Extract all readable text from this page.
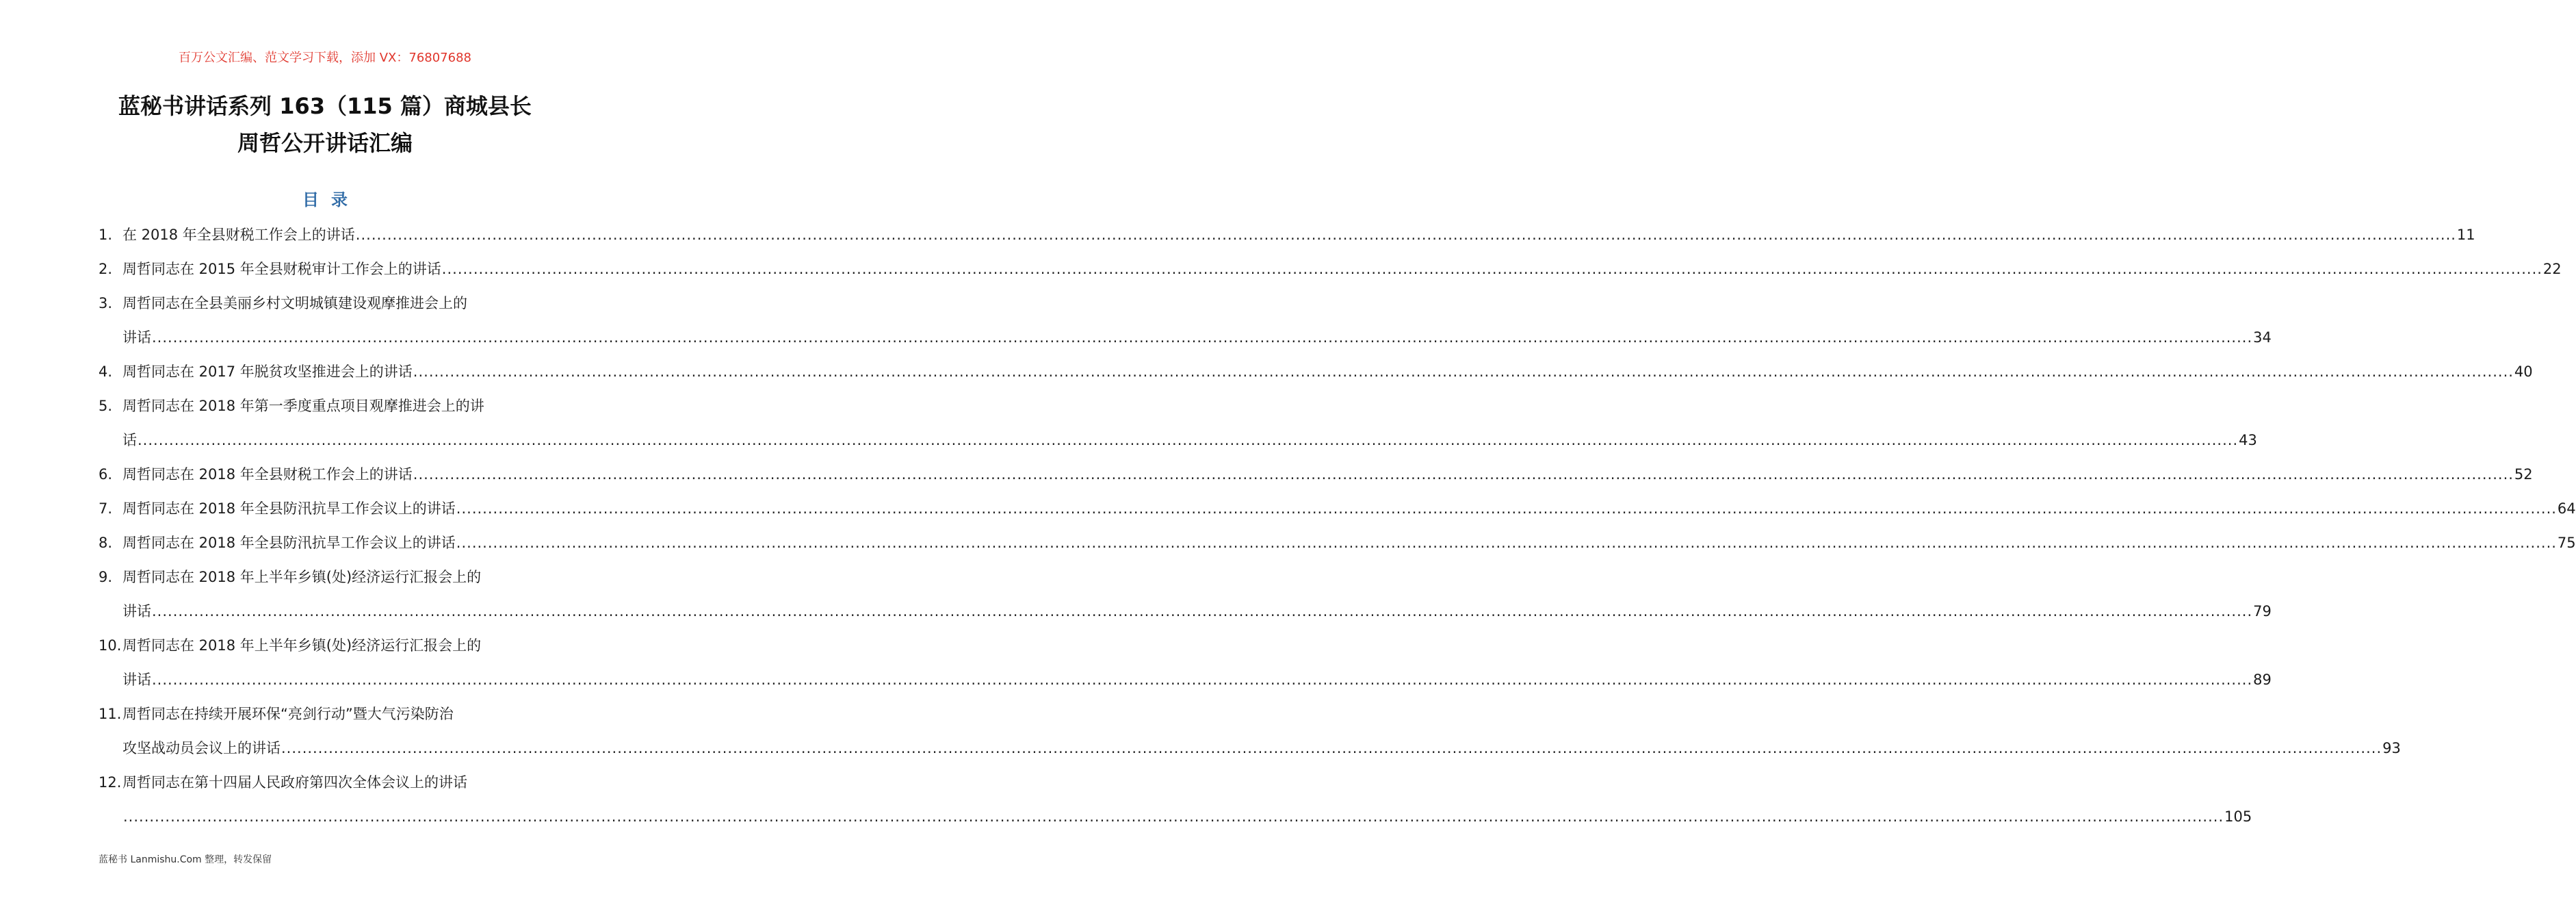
百万公文汇编、范文学习下载，添加 VX：76807688
蓝秘书讲话系列 163（115 篇）商城县长
周哲公开讲话汇编
目录
1. 在 2018 年全县财税工作会上的讲话 ................................................................................................................................................................................................................................................................................................................................................................................................................ 11
2. 周哲同志在 2015 年全县财税审计工作会上的讲话 ................................................................................................................................................................................................................................................................................................................................................................................................................ 22
3. 周哲同志在全县美丽乡村文明城镇建设观摩推进会上的
讲话 ................................................................................................................................................................................................................................................................................................................................................................................................................ 34
4. 周哲同志在 2017 年脱贫攻坚推进会上的讲话 ................................................................................................................................................................................................................................................................................................................................................................................................................ 40
5. 周哲同志在 2018 年第一季度重点项目观摩推进会上的讲
话 ................................................................................................................................................................................................................................................................................................................................................................................................................ 43
6. 周哲同志在 2018 年全县财税工作会上的讲话 ................................................................................................................................................................................................................................................................................................................................................................................................................ 52
7. 周哲同志在 2018 年全县防汛抗旱工作会议上的讲话 ................................................................................................................................................................................................................................................................................................................................................................................................................ 64
8. 周哲同志在 2018 年全县防汛抗旱工作会议上的讲话 ................................................................................................................................................................................................................................................................................................................................................................................................................ 75
9. 周哲同志在 2018 年上半年乡镇(处)经济运行汇报会上的
讲话 ................................................................................................................................................................................................................................................................................................................................................................................................................ 79
10. 周哲同志在 2018 年上半年乡镇(处)经济运行汇报会上的
讲话 ................................................................................................................................................................................................................................................................................................................................................................................................................ 89
11. 周哲同志在持续开展环保“亮剑行动”暨大气污染防治
攻坚战动员会议上的讲话 ................................................................................................................................................................................................................................................................................................................................................................................................................ 93
12. 周哲同志在第十四届人民政府第四次全体会议上的讲话
................................................................................................................................................................................................................................................................................................................................................................................................................ 105
蓝秘书 Lanmishu.Com 整理，转发保留
